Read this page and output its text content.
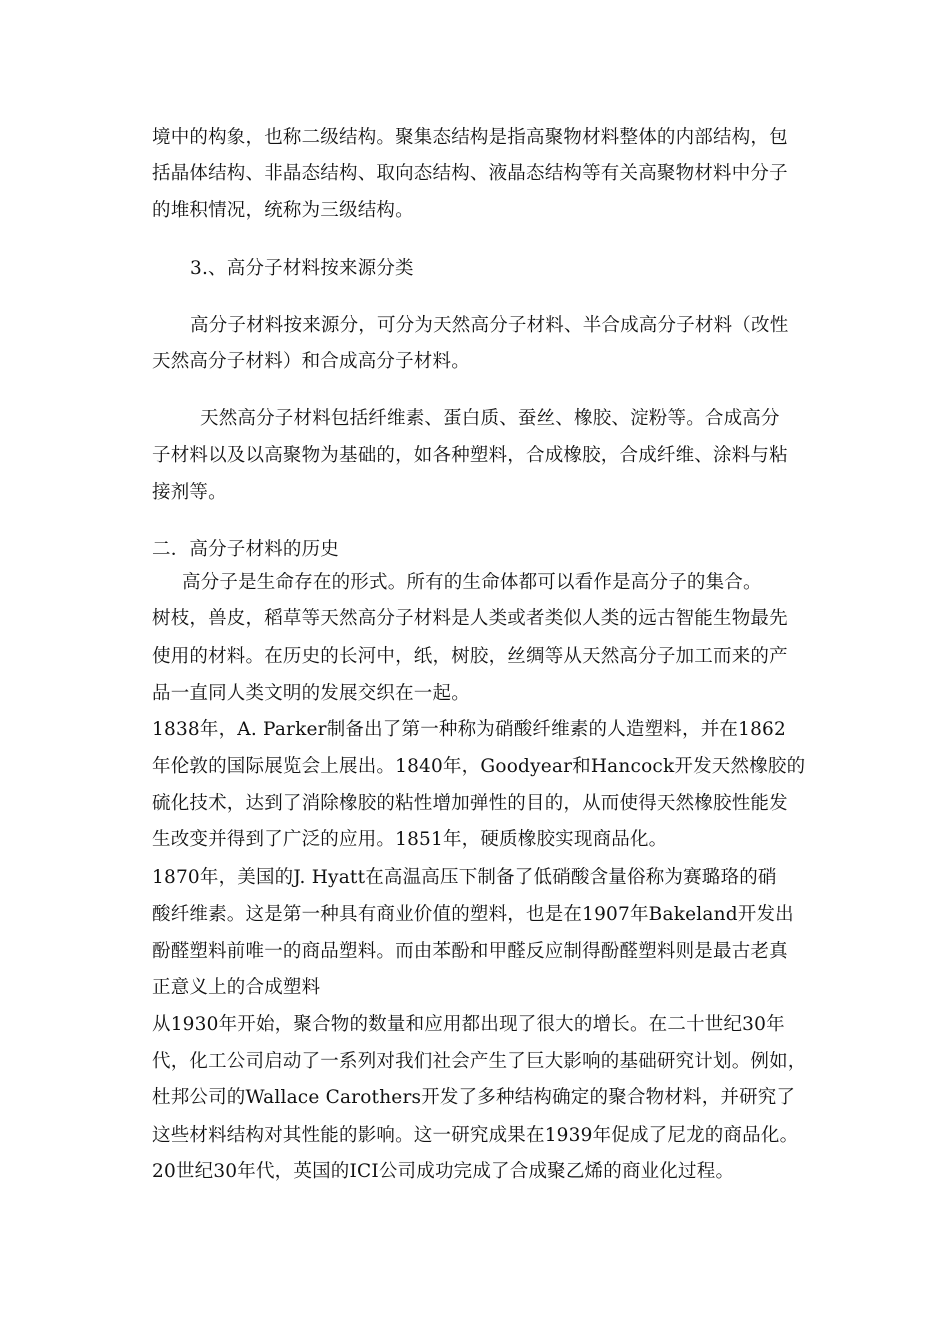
境中的构象，也称二级结构。聚集态结构是指高聚物材料整体的内部结构，包
括晶体结构、非晶态结构、取向态结构、液晶态结构等有关高聚物材料中分子
的堆积情况，统称为三级结构。
3.、高分子材料按来源分类
高分子材料按来源分，可分为天然高分子材料、半合成高分子材料（改性
天然高分子材料）和合成高分子材料。
天然高分子材料包括纤维素、蛋白质、蚕丝、橡胶、淀粉等。合成高分
子材料以及以高聚物为基础的，如各种塑料，合成橡胶，合成纤维、涂料与粘
接剂等。
二．高分子材料的历史
高分子是生命存在的形式。所有的生命体都可以看作是高分子的集合。
树枝，兽皮，稻草等天然高分子材料是人类或者类似人类的远古智能生物最先
使用的材料。在历史的长河中，纸，树胶，丝绸等从天然高分子加工而来的产
品一直同人类文明的发展交织在一起。
1838年，A. Parker制备出了第一种称为硝酸纤维素的人造塑料，并在1862
年伦敦的国际展览会上展出。1840年，Goodyear和Hancock开发天然橡胶的
硫化技术，达到了消除橡胶的粘性增加弹性的目的，从而使得天然橡胶性能发
生改变并得到了广泛的应用。1851年，硬质橡胶实现商品化。
1870年，美国的J. Hyatt在高温高压下制备了低硝酸含量俗称为赛璐珞的硝
酸纤维素。这是第一种具有商业价值的塑料，也是在1907年Bakeland开发出
酚醛塑料前唯一的商品塑料。而由苯酚和甲醛反应制得酚醛塑料则是最古老真
正意义上的合成塑料
从1930年开始，聚合物的数量和应用都出现了很大的增长。在二十世纪30年
代，化工公司启动了一系列对我们社会产生了巨大影响的基础研究计划。例如，
杜邦公司的Wallace Carothers开发了多种结构确定的聚合物材料，并研究了
这些材料结构对其性能的影响。这一研究成果在1939年促成了尼龙的商品化。
20世纪30年代，英国的ICI公司成功完成了合成聚乙烯的商业化过程。
